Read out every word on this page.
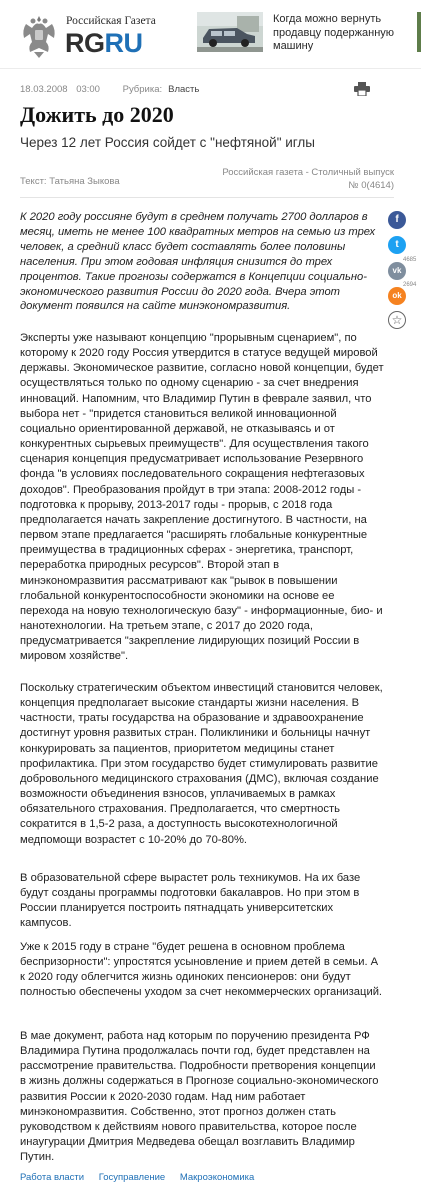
Российская Газета
RGRU
Когда можно вернуть продавцу подержанную машину
18.03.2008 03:00 Рубрика: Власть
Дожить до 2020
Через 12 лет Россия сойдет с "нефтяной" иглы
Российская газета - Столичный выпуск
№ 0(4614)
Текст: Татьяна Зыкова
f
t
vk
4685
ok
2694
☆

К 2020 году россияне будут в среднем получать 2700 долларов в месяц, иметь не менее 100 квадратных метров на семью из трех человек, а средний класс будет составлять более половины населения. При этом годовая инфляция снизится до трех процентов. Такие прогнозы содержатся в Концепции социально-экономического развития России до 2020 года. Вчера этот документ появился на сайте минэкономразвития.

Эксперты уже называют концепцию "прорывным сценарием", по которому к 2020 году Россия утвердится в статусе ведущей мировой державы. Экономическое развитие, согласно новой концепции, будет осуществляться только по одному сценарию - за счет внедрения инноваций. Напомним, что Владимир Путин в феврале заявил, что выбора нет - "придется становиться великой инновационной социально ориентированной державой, не отказываясь и от конкурентных сырьевых преимуществ". Для осуществления такого сценария концепция предусматривает использование Резервного фонда "в условиях последовательного сокращения нефтегазовых доходов". Преобразования пройдут в три этапа: 2008-2012 годы - подготовка к прорыву, 2013-2017 годы - прорыв, с 2018 года предполагается начать закрепление достигнутого. В частности, на первом этапе предлагается "расширять глобальные конкурентные преимущества в традиционных сферах - энергетика, транспорт, переработка природных ресурсов". Второй этап в минэкономразвития рассматривают как "рывок в повышении глобальной конкурентоспособности экономики на основе ее перехода на новую технологическую базу" - информационные, био- и нанотехнологии. На третьем этапе, с 2017 до 2020 года, предусматривается "закрепление лидирующих позиций России в мировом хозяйстве".

Поскольку стратегическим объектом инвестиций становится человек, концепция предполагает высокие стандарты жизни населения. В частности, траты государства на образование и здравоохранение достигнут уровня развитых стран. Поликлиники и больницы начнут конкурировать за пациентов, приоритетом медицины станет профилактика. При этом государство будет стимулировать развитие добровольного медицинского страхования (ДМС), включая создание возможности объединения взносов, уплачиваемых в рамках обязательного страхования. Предполагается, что смертность сократится в 1,5-2 раза, а доступность высокотехнологичной медпомощи возрастет с 10-20% до 70-80%.

В образовательной сфере вырастет роль техникумов. На их базе будут созданы программы подготовки бакалавров. Но при этом в России планируется построить пятнадцать университетских кампусов.

Уже к 2015 году в стране "будет решена в основном проблема беспризорности": упростятся усыновление и прием детей в семьи. А к 2020 году облегчится жизнь одиноких пенсионеров: они будут полностью обеспечены уходом за счет некоммерческих организаций.

В мае документ, работа над которым по поручению президента РФ Владимира Путина продолжалась почти год, будет представлен на рассмотрение правительства. Подробности претворения концепции в жизнь должны содержаться в Прогнозе социально-экономического развития России к 2020-2030 годам. Над ним работает минэкономразвития. Собственно, этот прогноз должен стать руководством к действиям нового правительства, которое после инаугурации Дмитрия Медведева обещал возглавить Владимир Путин.

Работа власти Госуправление Макроэкономика
